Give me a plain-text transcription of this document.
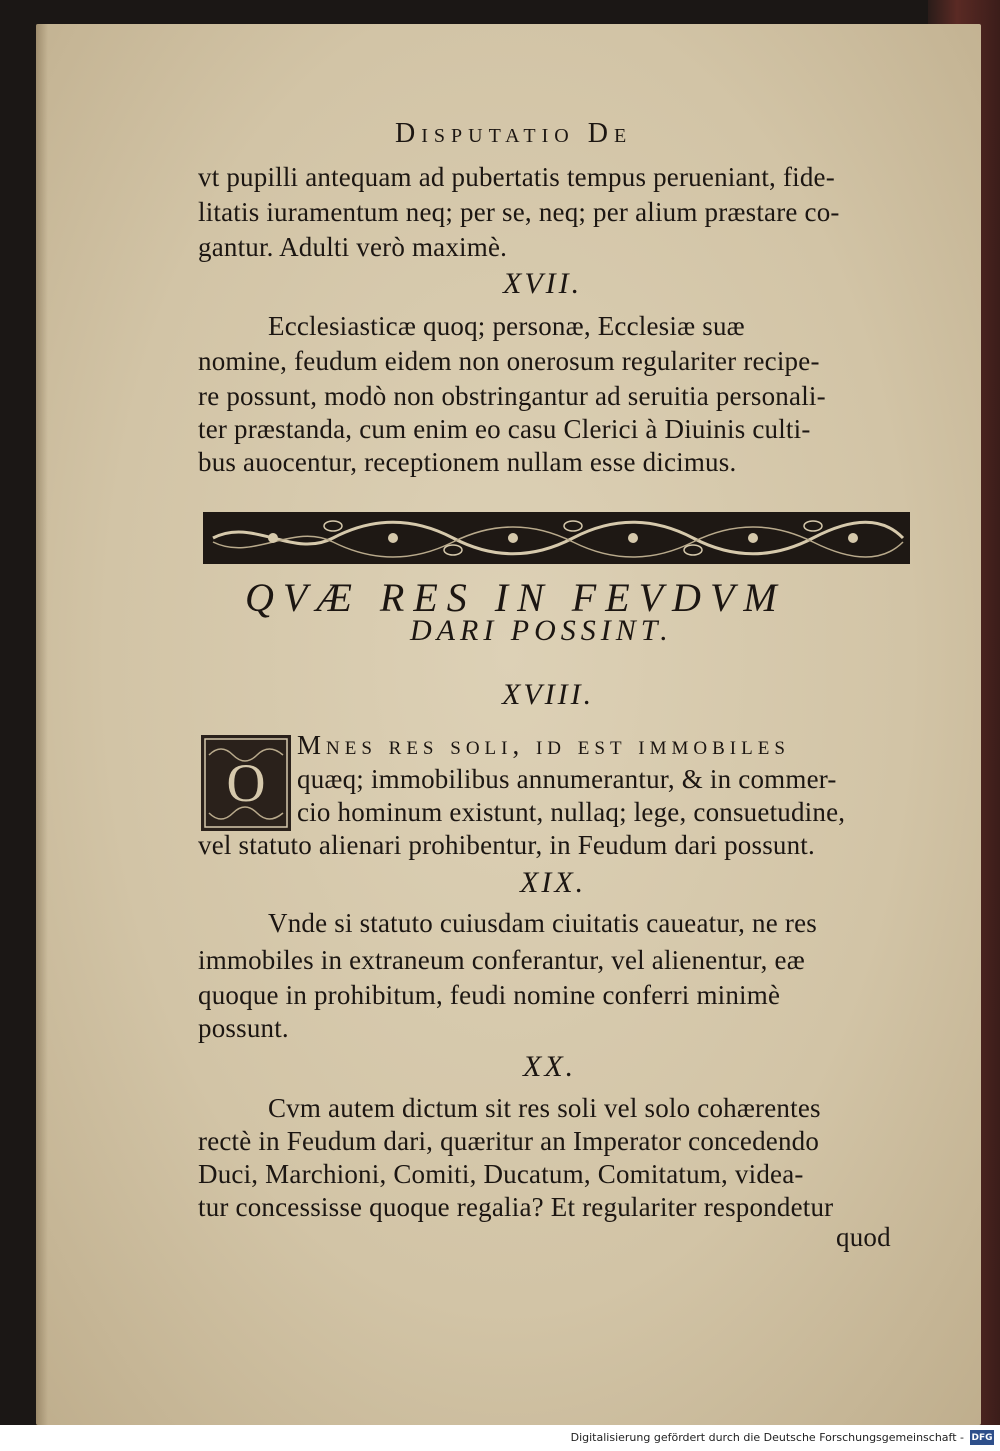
Disputatio De
vt pupilli antequam ad pubertatis tempus perueniant, fide-
litatis iuramentum neq; per se, neq; per alium præstare co-
gantur. Adulti verò maximè.
XVII.
Ecclesiasticæ quoq; personæ, Ecclesiæ suæ
nomine, feudum eidem non onerosum regulariter recipe-
re possunt, modò non obstringantur ad seruitia personali-
ter præstanda, cum enim eo casu Clerici à Diuinis culti-
bus auocentur, receptionem nullam esse dicimus.
QVÆ RES IN FEVDVM
DARI POSSINT.
XVIII.
O
Mnes res soli, id est immobiles
quæq; immobilibus annumerantur, & in commer-
cio hominum existunt, nullaq; lege, consuetudine,
vel statuto alienari prohibentur, in Feudum dari possunt.
XIX.
Vnde si statuto cuiusdam ciuitatis caueatur, ne res
immobiles in extraneum conferantur, vel alienentur, eæ
quoque in prohibitum, feudi nomine conferri minimè
possunt.
XX.
Cvm autem dictum sit res soli vel solo cohærentes
rectè in Feudum dari, quæritur an Imperator concedendo
Duci, Marchioni, Comiti, Ducatum, Comitatum, videa-
tur concessisse quoque regalia? Et regulariter respondetur
quod
Digitalisierung gefördert durch die Deutsche Forschungsgemeinschaft - DFG
